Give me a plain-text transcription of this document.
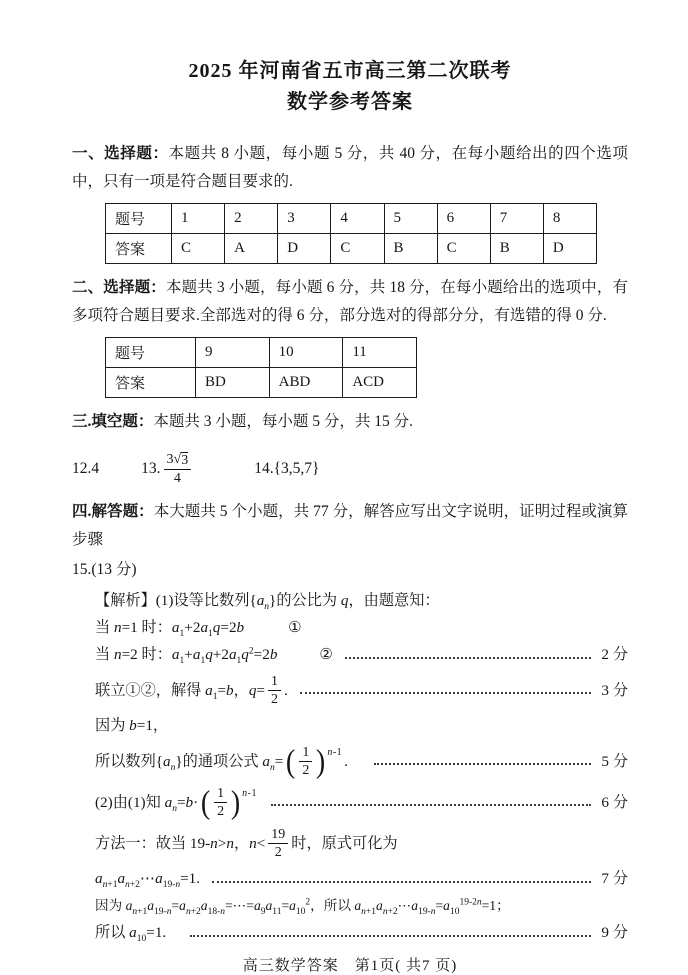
2025 年河南省五市高三第二次联考
数学参考答案

一、选择题：本题共 8 小题，每小题 5 分，共 40 分，在每小题给出的四个选项中，只有一项是符合题目要求的.

题号	1	2	3	4	5	6	7	8
答案	C	A	D	C	B	C	B	D

二、选择题：本题共 3 小题，每小题 6 分，共 18 分，在每小题给出的选项中，有多项符合题目要求.全部选对的得 6 分，部分选对的得部分分，有选错的得 0 分.

题号	9	10	11
答案	BD	ABD	ACD

三.填空题：本题共 3 小题，每小题 5 分，共 15 分.

12.4	13. $\frac{3√ 3}{4}$	14.{3,5,7}

四.解答题：本大题共 5 个小题，共 77 分，解答应写出文字说明，证明过程或演算步骤

15.(13 分)

【解析】(1)设等比数列$\{a_n\}$的公比为 q，由题意知：
当 n=1 时：$a_1+2a_1q=2b$	①
当 n=2 时：$a_1+a_1q+2a_1q^2=2b$	②	2 分
联立①②，解得 $a_1=b$，$q= \frac{1}{2}$ .	3 分
因为 b=1，
所以数列$\{a_n\}$的通项公式 $a_n=$ ( $\frac{1}{2}$ ) n-1 .	5 分
(2)由(1)知 $a_n=b\cdot$ ( $\frac{1}{2}$ ) n-1	6 分
方法一：故当 19-n>n，$n< \frac{19}{2}$ 时，原式可化为
$a_{n+1}a_{n+2}\cdots a_{19-n}=1$.	7 分
因为 $a_{n+1}a_{19-n}=a_{n+2}a_{18-n}=\cdots=a_9a_{11}=a_{10}^2$，所以 $a_{n+1}a_{n+2}\cdots a_{19-n}=a_{10}^{19-2n}=1$；
所以 $a_{10}=1$.	9 分
高三数学答案　第1页( 共7 页)
